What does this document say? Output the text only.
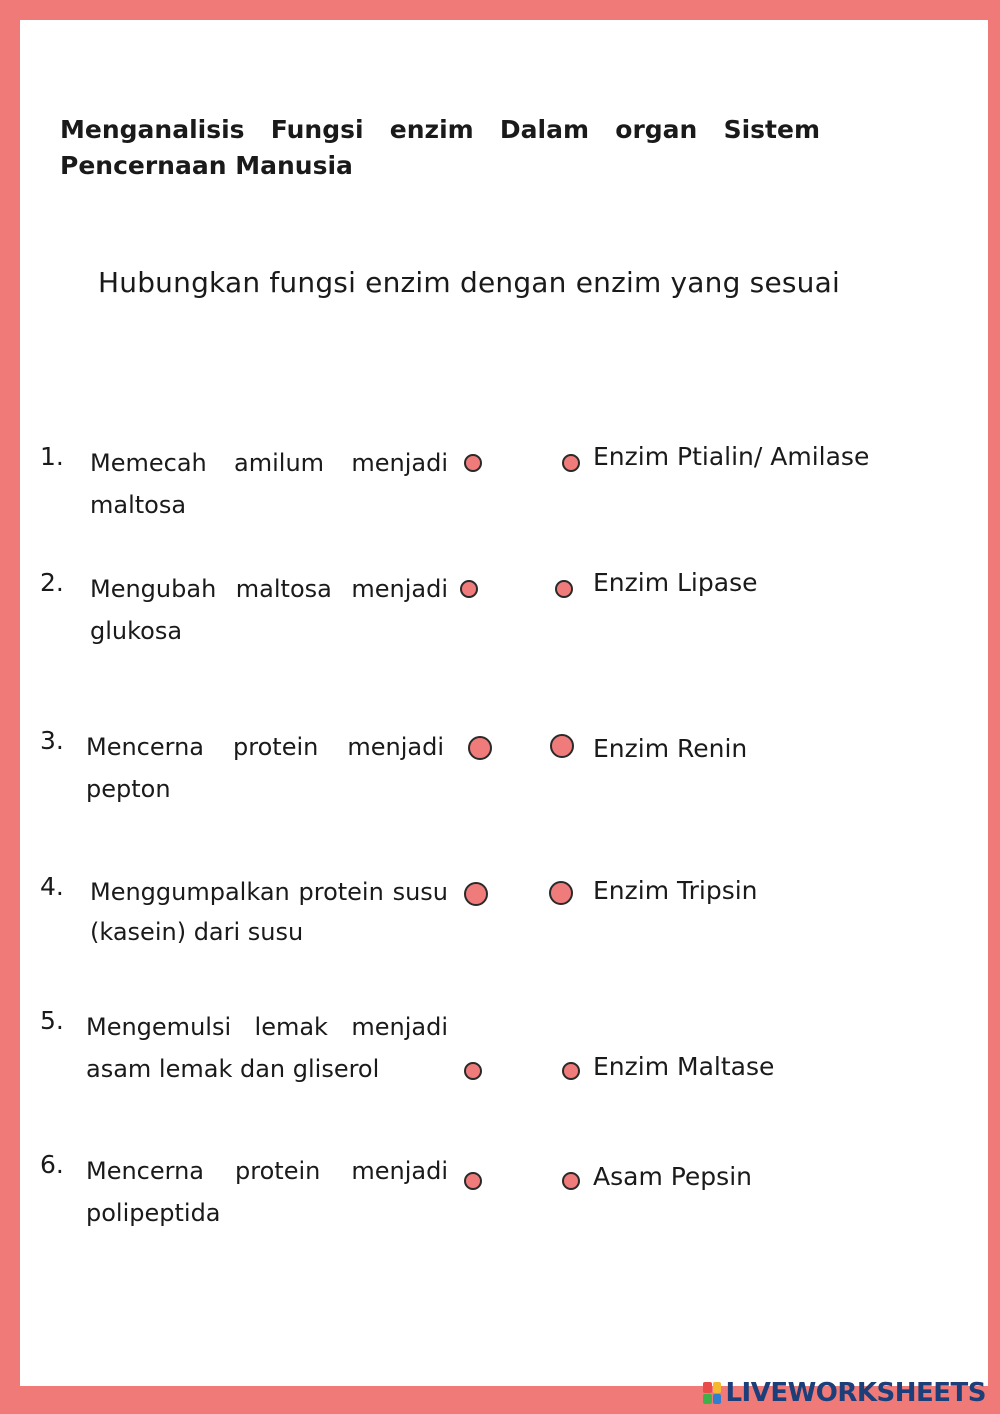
Menganalisis Fungsi enzim Dalam organ Sistem Pencernaan Manusia
Hubungkan fungsi enzim dengan enzim yang sesuai
1. Memecah amilum menjadi maltosa
Enzim Ptialin/ Amilase
2. Mengubah maltosa menjadi glukosa
Enzim Lipase
3. Mencerna protein menjadi pepton
Enzim Renin
4. Menggumpalkan protein susu (kasein) dari susu
Enzim Tripsin
5. Mengemulsi lemak menjadi asam lemak dan gliserol	Enzim Maltase
6. Mencerna protein menjadi polipeptida
Asam Pepsin
LIVEWORKSHEETS
